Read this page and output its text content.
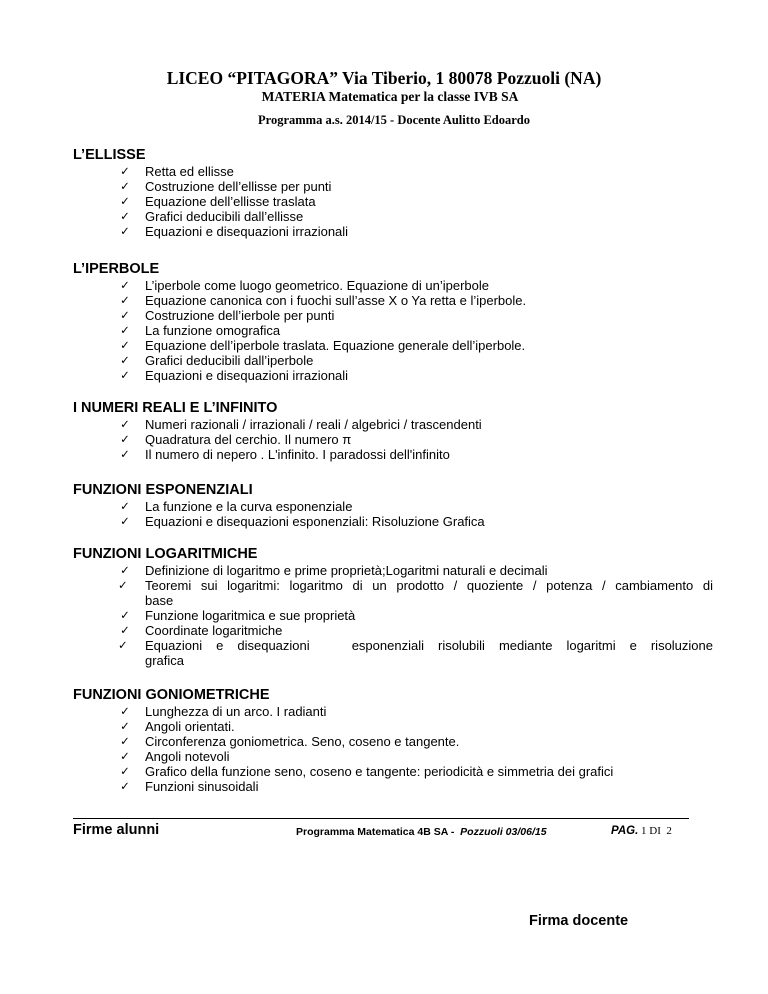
LICEO “PITAGORA” Via Tiberio, 1 80078 Pozzuoli (NA)
MATERIA Matematica per la classe IVB SA
Programma a.s. 2014/15 - Docente Aulitto Edoardo
L’ELLISSE
✓ Retta ed ellisse
✓ Costruzione dell’ellisse per punti
✓ Equazione dell’ellisse traslata
✓ Grafici deducibili dall’ellisse
✓ Equazioni e disequazioni irrazionali
L’IPERBOLE
✓ L’iperbole come luogo geometrico. Equazione di un’iperbole
✓ Equazione canonica con i fuochi sull’asse X o Ya retta e l’iperbole.
✓ Costruzione dell’ierbole per punti
✓ La funzione omografica
✓ Equazione dell’iperbole traslata. Equazione generale dell’iperbole.
✓ Grafici deducibili dall’iperbole
✓ Equazioni e disequazioni irrazionali
I NUMERI REALI E L’INFINITO
✓ Numeri razionali / irrazionali / reali / algebrici / trascendenti
✓ Quadratura del cerchio. Il numero π
✓ Il numero di nepero . L'infinito. I paradossi dell'infinito
FUNZIONI ESPONENZIALI
✓ La funzione e la curva esponenziale
✓ Equazioni e disequazioni esponenziali: Risoluzione Grafica
FUNZIONI LOGARITMICHE
✓ Definizione di logaritmo e prime proprietà;Logaritmi naturali e decimali
✓	Teoremi sui logaritmi: logaritmo di un prodotto / quoziente / potenza / cambiamento di
base
✓ Funzione logaritmica e sue proprietà
✓ Coordinate logaritmiche
✓	Equazioni e disequazioni   esponenziali risolubili mediante logaritmi e risoluzione
grafica
FUNZIONI GONIOMETRICHE
✓ Lunghezza di un arco. I radianti
✓ Angoli orientati.
✓ Circonferenza goniometrica. Seno, coseno e tangente.
✓ Angoli notevoli
✓ Grafico della funzione seno, coseno e tangente: periodicità e simmetria dei grafici
✓ Funzioni sinusoidali
Firme alunni	Programma Matematica 4B SA -  Pozzuoli 03/06/15	PAG. 1 DI  2
Firma docente
